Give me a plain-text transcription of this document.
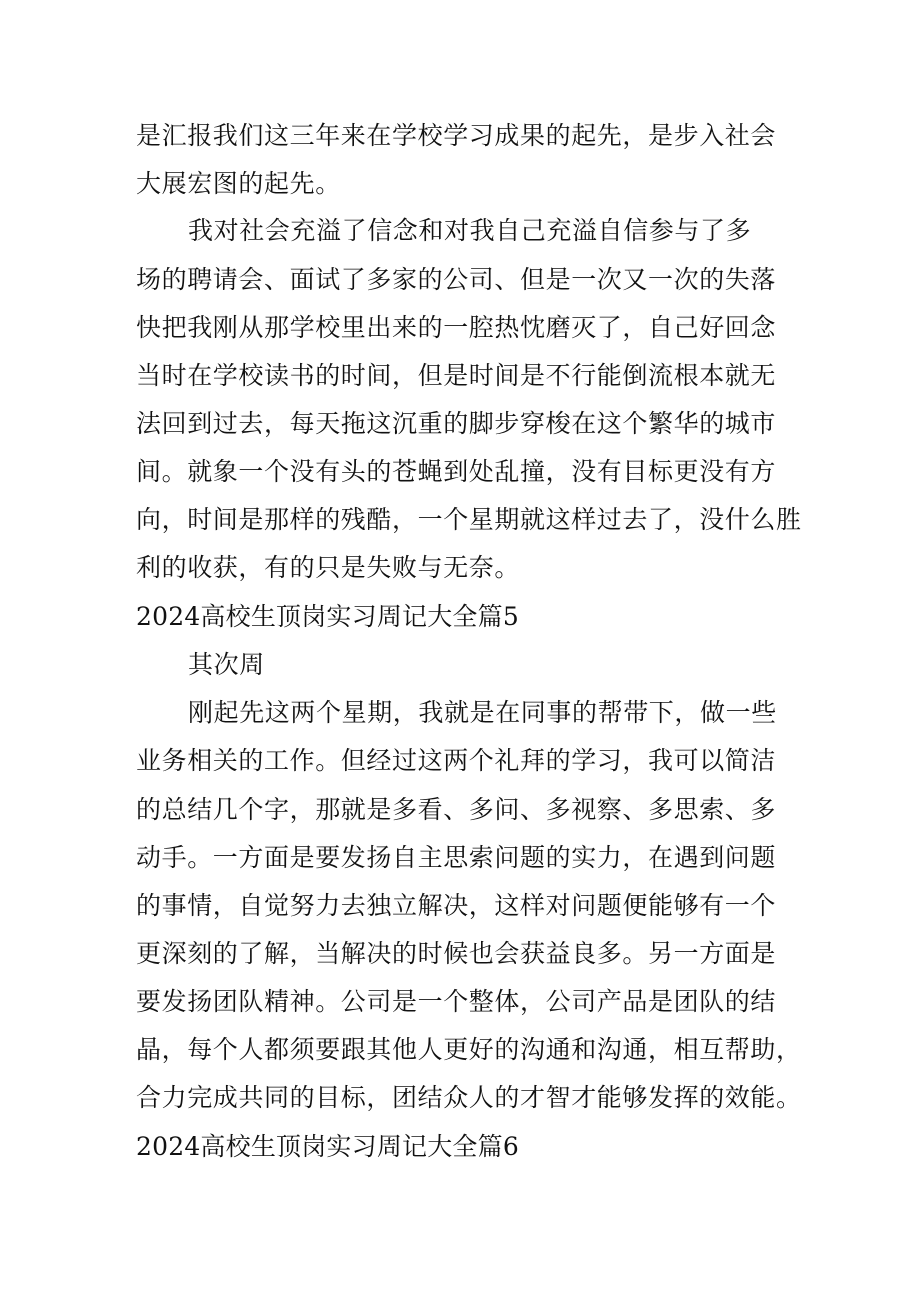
是汇报我们这三年来在学校学习成果的起先，是步入社会
大展宏图的起先。
我对社会充溢了信念和对我自己充溢自信参与了多
场的聘请会、面试了多家的公司、但是一次又一次的失落
快把我刚从那学校里出来的一腔热忱磨灭了，自己好回念
当时在学校读书的时间，但是时间是不行能倒流根本就无
法回到过去，每天拖这沉重的脚步穿梭在这个繁华的城市
间。就象一个没有头的苍蝇到处乱撞，没有目标更没有方
向，时间是那样的残酷，一个星期就这样过去了，没什么胜
利的收获，有的只是失败与无奈。
2024高校生顶岗实习周记大全篇5
其次周
刚起先这两个星期，我就是在同事的帮带下，做一些
业务相关的工作。但经过这两个礼拜的学习，我可以简洁
的总结几个字，那就是多看、多问、多视察、多思索、多
动手。一方面是要发扬自主思索问题的实力，在遇到问题
的事情，自觉努力去独立解决，这样对问题便能够有一个
更深刻的了解，当解决的时候也会获益良多。另一方面是
要发扬团队精神。公司是一个整体，公司产品是团队的结
晶，每个人都须要跟其他人更好的沟通和沟通，相互帮助，
合力完成共同的目标，团结众人的才智才能够发挥的效能。
2024高校生顶岗实习周记大全篇6
